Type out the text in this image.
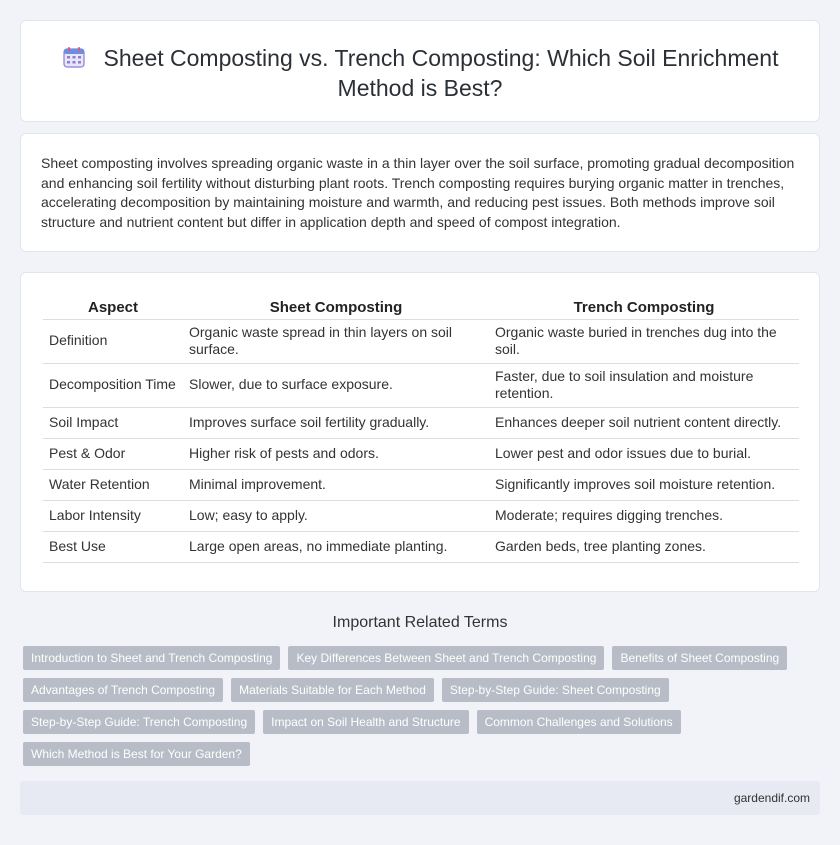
Sheet Composting vs. Trench Composting: Which Soil Enrichment Method is Best?

Sheet composting involves spreading organic waste in a thin layer over the soil surface, promoting gradual decomposition and enhancing soil fertility without disturbing plant roots. Trench composting requires burying organic matter in trenches, accelerating decomposition by maintaining moisture and warmth, and reducing pest issues. Both methods improve soil structure and nutrient content but differ in application depth and speed of compost integration.

Aspect	Sheet Composting	Trench Composting
Definition	Organic waste spread in thin layers on soil surface.	Organic waste buried in trenches dug into the soil.
Decomposition Time	Slower, due to surface exposure.	Faster, due to soil insulation and moisture retention.
Soil Impact	Improves surface soil fertility gradually.	Enhances deeper soil nutrient content directly.
Pest & Odor	Higher risk of pests and odors.	Lower pest and odor issues due to burial.
Water Retention	Minimal improvement.	Significantly improves soil moisture retention.
Labor Intensity	Low; easy to apply.	Moderate; requires digging trenches.
Best Use	Large open areas, no immediate planting.	Garden beds, tree planting zones.
Important Related Terms
Introduction to Sheet and Trench Composting	Key Differences Between Sheet and Trench Composting	Benefits of Sheet Composting
Advantages of Trench Composting	Materials Suitable for Each Method	Step-by-Step Guide: Sheet Composting
Step-by-Step Guide: Trench Composting	Impact on Soil Health and Structure	Common Challenges and Solutions
Which Method is Best for Your Garden?
gardendif.com
